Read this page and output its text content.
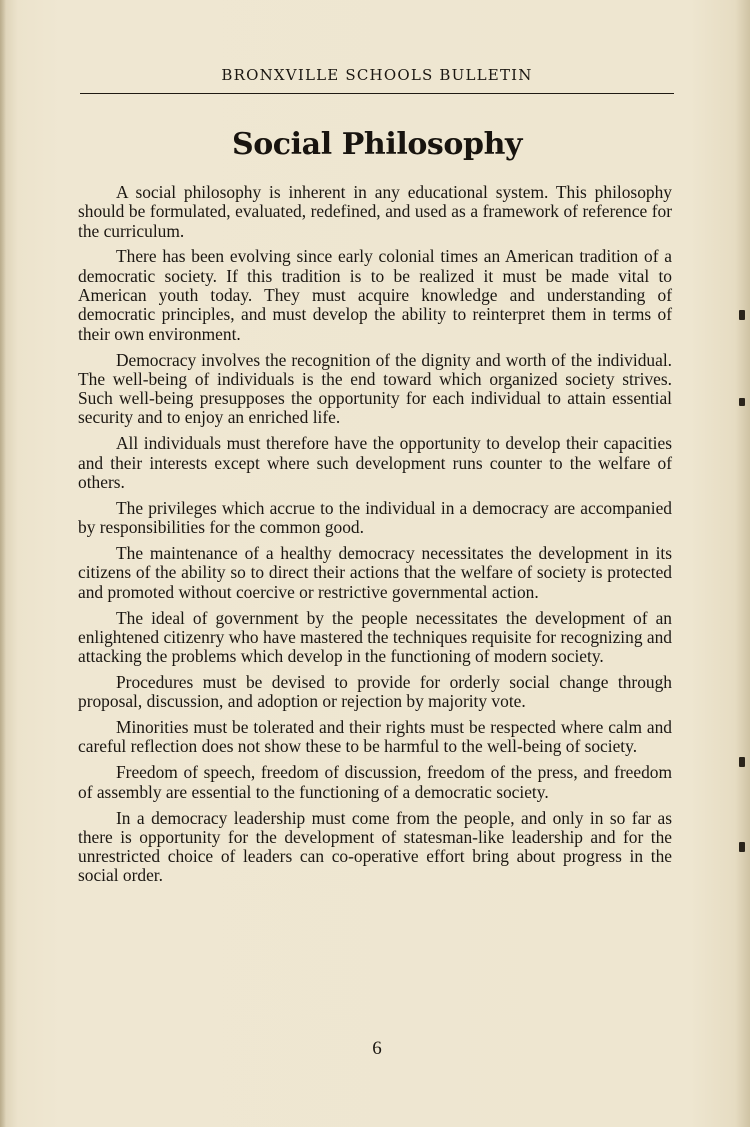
BRONXVILLE SCHOOLS BULLETIN
Social Philosophy

A social philosophy is inherent in any educational system. This philosophy should be formulated, evaluated, redefined, and used as a framework of reference for the curriculum.

There has been evolving since early colonial times an American tradition of a democratic society. If this tradition is to be realized it must be made vital to American youth today. They must acquire knowledge and understanding of democratic principles, and must develop the ability to reinterpret them in terms of their own environment.

Democracy involves the recognition of the dignity and worth of the individual. The well-being of individuals is the end toward which organized society strives. Such well-being presupposes the opportunity for each individual to attain essential security and to enjoy an enriched life.

All individuals must therefore have the opportunity to develop their capacities and their interests except where such development runs counter to the welfare of others.

The privileges which accrue to the individual in a democracy are accompanied by responsibilities for the common good.

The maintenance of a healthy democracy necessitates the development in its citizens of the ability so to direct their actions that the welfare of society is protected and promoted without coercive or restrictive governmental action.

The ideal of government by the people necessitates the development of an enlightened citizenry who have mastered the techniques requisite for recognizing and attacking the problems which develop in the functioning of modern society.

Procedures must be devised to provide for orderly social change through proposal, discussion, and adoption or rejection by majority vote.

Minorities must be tolerated and their rights must be respected where calm and careful reflection does not show these to be harmful to the well-being of society.

Freedom of speech, freedom of discussion, freedom of the press, and freedom of assembly are essential to the functioning of a democratic society.

In a democracy leadership must come from the people, and only in so far as there is opportunity for the development of statesman-like leadership and for the unrestricted choice of leaders can co-operative effort bring about progress in the social order.

6
